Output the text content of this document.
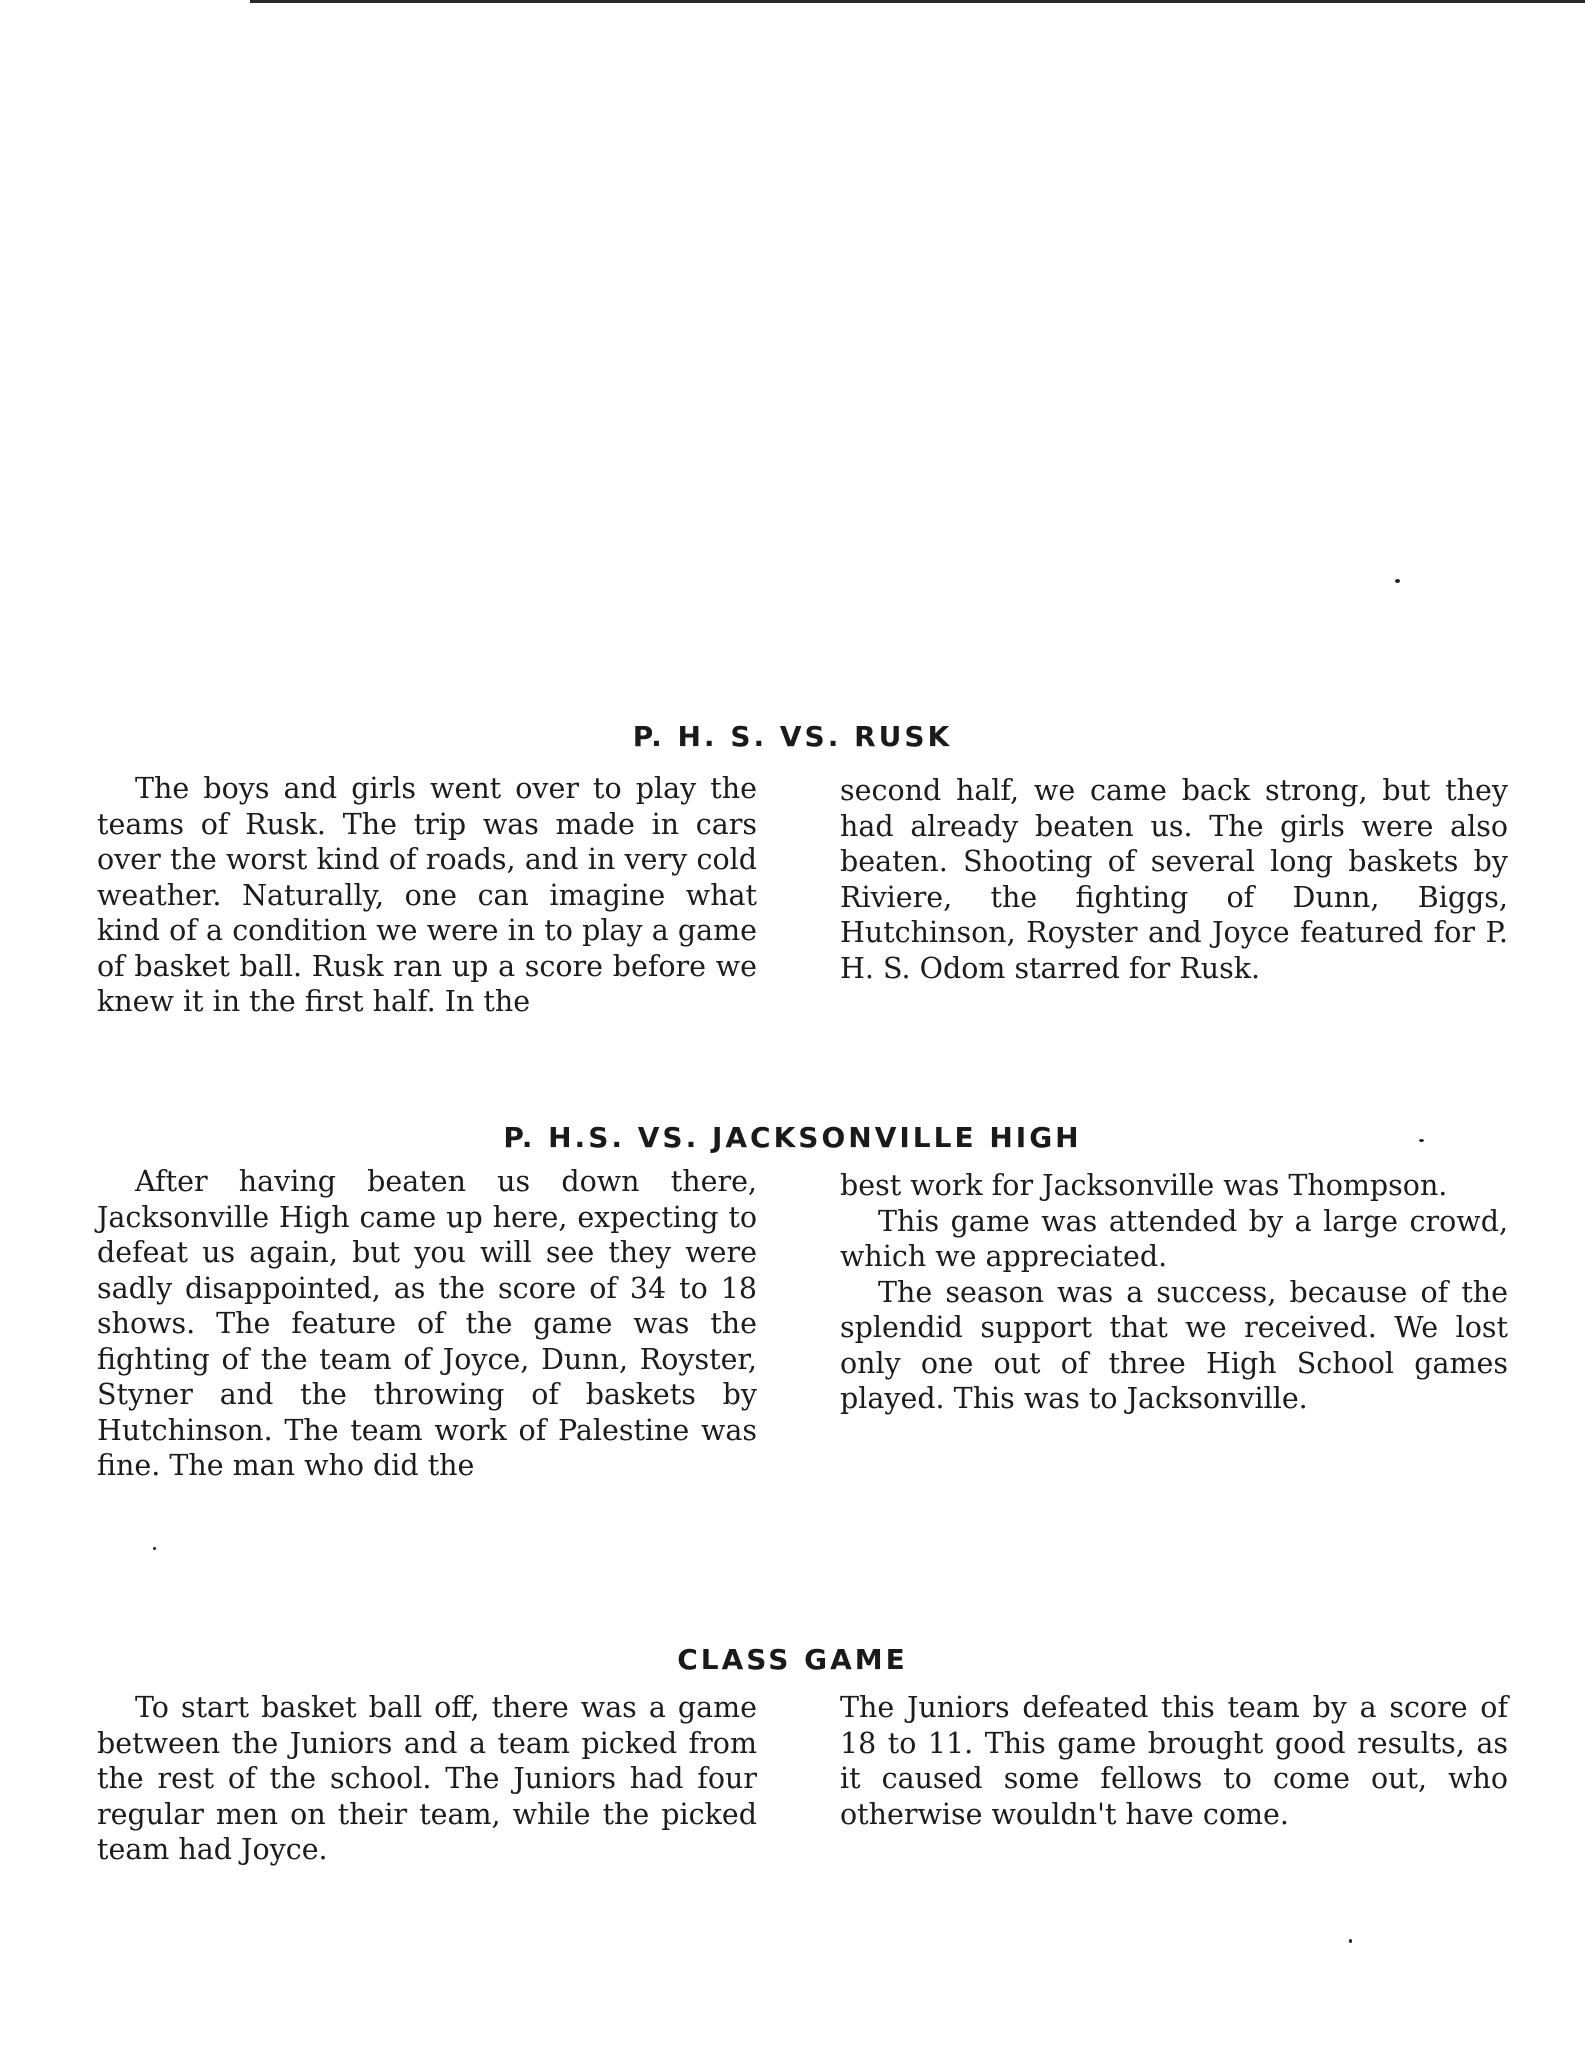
P. H. S. VS. RUSK

The boys and girls went over to play the teams of Rusk. The trip was made in cars over the worst kind of roads, and in very cold weather. Naturally, one can imagine what kind of a condition we were in to play a game of basket ball. Rusk ran up a score before we knew it in the first half. In the

second half, we came back strong, but they had already beaten us. The girls were also beaten. Shooting of several long baskets by Riviere, the fighting of Dunn, Biggs, Hutchinson, Royster and Joyce featured for P. H. S. Odom starred for Rusk.

P. H.S. VS. JACKSONVILLE HIGH

After having beaten us down there, Jacksonville High came up here, expecting to defeat us again, but you will see they were sadly disappointed, as the score of 34 to 18 shows. The feature of the game was the fighting of the team of Joyce, Dunn, Royster, Styner and the throwing of baskets by Hutchinson. The team work of Palestine was fine. The man who did the

best work for Jacksonville was Thompson.

This game was attended by a large crowd, which we appreciated.

The season was a success, because of the splendid support that we received. We lost only one out of three High School games played. This was to Jacksonville.

CLASS GAME

To start basket ball off, there was a game between the Juniors and a team picked from the rest of the school. The Juniors had four regular men on their team, while the picked team had Joyce.

The Juniors defeated this team by a score of 18 to 11. This game brought good results, as it caused some fellows to come out, who otherwise wouldn't have come.
